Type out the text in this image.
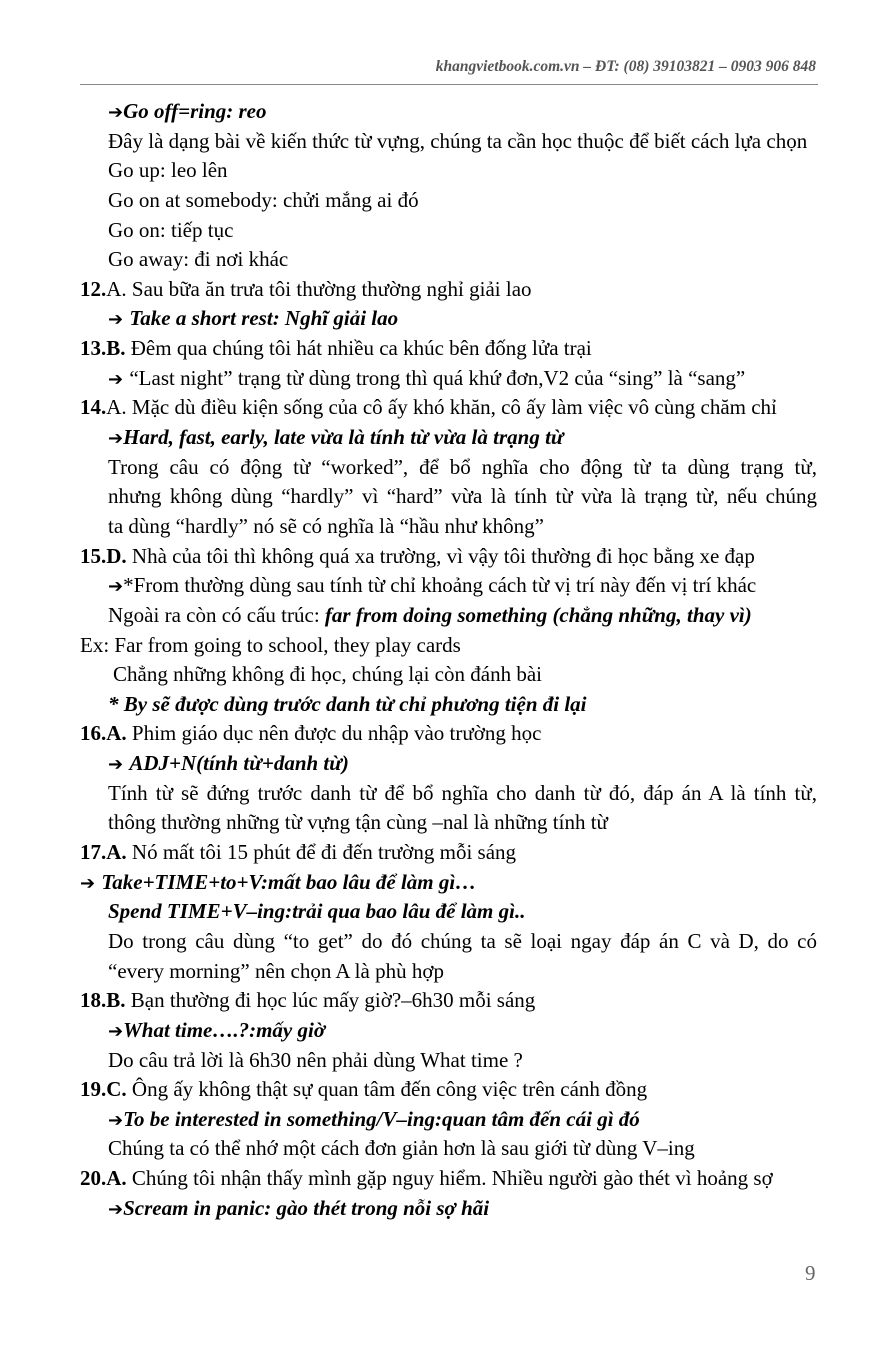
khangvietbook.com.vn – ĐT: (08) 39103821 – 0903 906 848
➔Go off=ring: reo
Đây là dạng bài về kiến thức từ vựng, chúng ta cần học thuộc để biết cách lựa chọn
Go up: leo lên
Go on at somebody: chửi mắng ai đó
Go on: tiếp tục
Go away: đi nơi khác
12.A. Sau bữa ăn trưa tôi thường thường nghỉ giải lao
➔ Take a short rest: Nghĩ giải lao
13.B. Đêm qua chúng tôi hát nhiều ca khúc bên đống lửa trại
➔ “Last night” trạng từ dùng trong thì quá khứ đơn,V2 của “sing” là “sang”
14.A. Mặc dù điều kiện sống của cô ấy khó khăn, cô ấy làm việc vô cùng chăm chỉ
➔Hard, fast, early, late vừa là tính từ vừa là trạng từ
Trong câu có động từ “worked”, để bổ nghĩa cho động từ ta dùng trạng từ,
nhưng không dùng “hardly” vì “hard” vừa là tính từ vừa là trạng từ, nếu chúng
ta dùng “hardly” nó sẽ có nghĩa là “hầu như không”
15.D. Nhà của tôi thì không quá xa trường, vì vậy tôi thường đi học bằng xe đạp
➔*From thường dùng sau tính từ chỉ khoảng cách từ vị trí này đến vị trí khác
Ngoài ra còn có cấu trúc: far from doing something (chẳng những, thay vì)
Ex: Far from going to school, they play cards
Chẳng những không đi học, chúng lại còn đánh bài
* By sẽ được dùng trước danh từ chỉ phương tiện đi lại
16.A. Phim giáo dục nên được du nhập vào trường học
➔ ADJ+N(tính từ+danh từ)
Tính từ sẽ đứng trước danh từ để bổ nghĩa cho danh từ đó, đáp án A là tính từ,
thông thường những từ vựng tận cùng –nal là những tính từ
17.A. Nó mất tôi 15 phút để đi đến trường mỗi sáng
➔ Take+TIME+to+V:mất bao lâu để làm gì…
Spend TIME+V–ing:trải qua bao lâu để làm gì..
Do trong câu dùng “to get” do đó chúng ta sẽ loại ngay đáp án C và D, do có
“every morning” nên chọn A là phù hợp
18.B. Bạn thường đi học lúc mấy giờ?–6h30 mỗi sáng
➔What time….?:mấy giờ
Do câu trả lời là 6h30 nên phải dùng What time ?
19.C. Ông ấy không thật sự quan tâm đến công việc trên cánh đồng
➔To be interested in something/V–ing:quan tâm đến cái gì đó
Chúng ta có thể nhớ một cách đơn giản hơn là sau giới từ dùng V–ing
20.A. Chúng tôi nhận thấy mình gặp nguy hiểm. Nhiều người gào thét vì hoảng sợ
➔Scream in panic: gào thét trong nỗi sợ hãi
9
